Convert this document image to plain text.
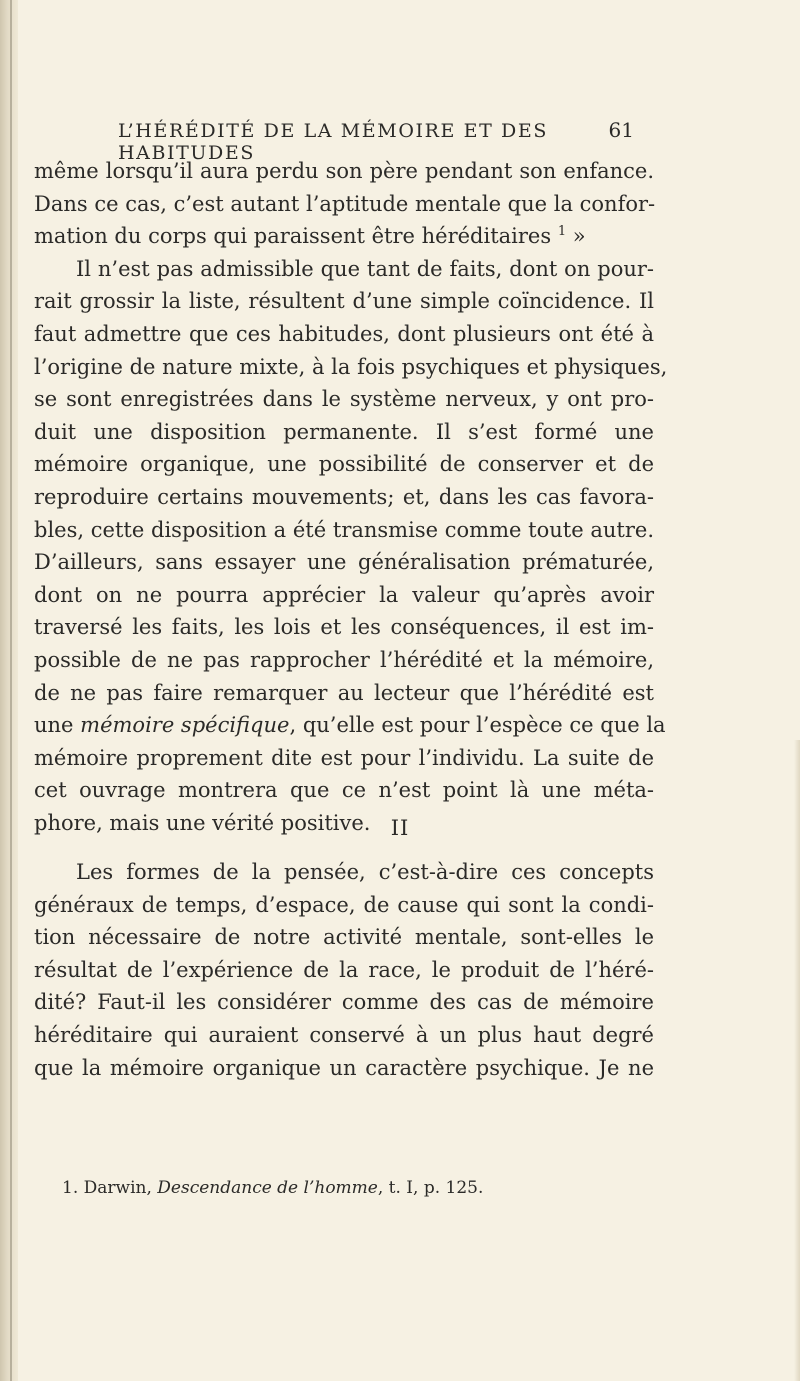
L’HÉRÉDITÉ DE LA MÉMOIRE ET DES HABITUDES
61
même lorsqu’il aura perdu son père pendant son enfance.
Dans ce cas, c’est autant l’aptitude mentale que la confor-
mation du corps qui paraissent être héréditaires $^1$ »
Il n’est pas admissible que tant de faits, dont on pour-
rait grossir la liste, résultent d’une simple coïncidence. Il
faut admettre que ces habitudes, dont plusieurs ont été à
l’origine de nature mixte, à la fois psychiques et physiques,
se sont enregistrées dans le système nerveux, y ont pro-
duit une disposition permanente. Il s’est formé une
mémoire organique, une possibilité de conserver et de
reproduire certains mouvements; et, dans les cas favora-
bles, cette disposition a été transmise comme toute autre.
D’ailleurs, sans essayer une généralisation prématurée,
dont on ne pourra apprécier la valeur qu’après avoir
traversé les faits, les lois et les conséquences, il est im-
possible de ne pas rapprocher l’hérédité et la mémoire,
de ne pas faire remarquer au lecteur que l’hérédité est
une mémoire spécifique, qu’elle est pour l’espèce ce que la
mémoire proprement dite est pour l’individu. La suite de
cet ouvrage montrera que ce n’est point là une méta-
phore, mais une vérité positive. II
Les formes de la pensée, c’est-à-dire ces concepts
généraux de temps, d’espace, de cause qui sont la condi-
tion nécessaire de notre activité mentale, sont-elles le
résultat de l’expérience de la race, le produit de l’héré-
dité? Faut-il les considérer comme des cas de mémoire
héréditaire qui auraient conservé à un plus haut degré
que la mémoire organique un caractère psychique. Je ne
1. Darwin, Descendance de l’homme, t. I, p. 125.
